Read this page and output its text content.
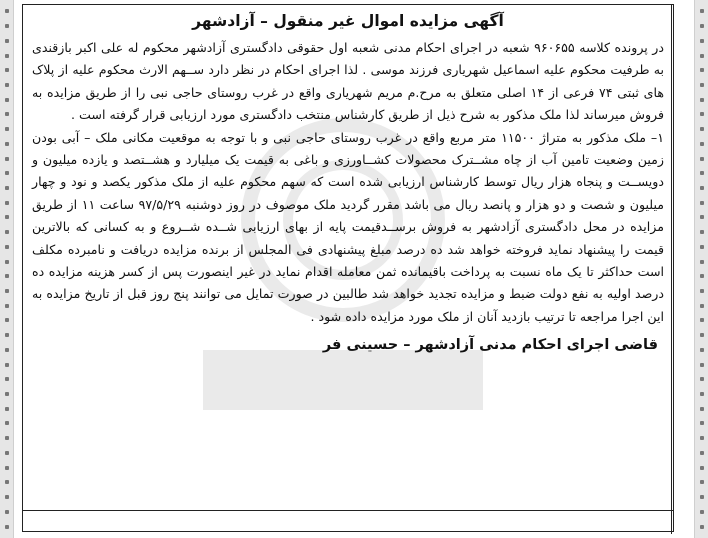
آگهی مزایده اموال غیر منقول – آزادشهر

در پرونده کلاسه ۹۶۰۶۵۵ شعبه در اجرای احکام مدنی شعبه اول حقوقی دادگستری آزادشهر محکوم له علی اکبر بازقندی به طرفیت محکوم علیه اسماعیل شهریاری فرزند موسی . لذا اجرای احکام در نظر دارد ســهم الارث محکوم علیه از پلاک های ثبتی ۷۴ فرعی از ۱۴ اصلی متعلق به مرح.م مریم شهریاری واقع در غرب روستای حاجی نبی را از طریق مزایده به فروش میرساند لذا ملک مذکور به شرح ذیل از طریق کارشناس منتخب دادگستری مورد ارزیابی قرار گرفته است .

۱– ملک مذکور به متراژ ۱۱۵۰۰ متر مربع واقع در غرب روستای حاجی نبی و با توجه به موقعیت مکانی ملک – آبی بودن زمین وضعیت تامین آب از چاه مشــترک محصولات کشــاورزی و باغی به قیمت یک میلیارد و هشــتصد و یازده میلیون و دویســت و پنجاه هزار ریال توسط کارشناس ارزیابی شده است که سهم محکوم علیه از ملک مذکور یکصد و نود و چهار میلیون و شصت و دو هزار و پانصد ریال می باشد مقرر گردید ملک موصوف در روز دوشنبه ۹۷/۵/۲۹ ساعت ۱۱ از طریق مزایده در محل دادگستری آزادشهر به فروش برســدقیمت پایه از بهای ارزیابی شــده شــروع و به کسانی که بالاترین قیمت را پیشنهاد نماید فروخته خواهد شد ده درصد مبلغ پیشنهادی فی المجلس از برنده مزایده دریافت و نامبرده مکلف است حداکثر تا یک ماه نسبت به پرداخت باقیمانده ثمن معامله اقدام نماید در غیر اینصورت پس از کسر هزینه مزایده ده درصد اولیه به نفع دولت ضبط و مزایده تجدید خواهد شد طالبین در صورت تمایل می توانند پنج روز قبل از تاریخ مزایده به این اجرا مراجعه تا ترتیب بازدید آنان از ملک مورد مزایده داده شود .

قاضی اجرای احکام مدنی آزادشهر – حسینی فر
